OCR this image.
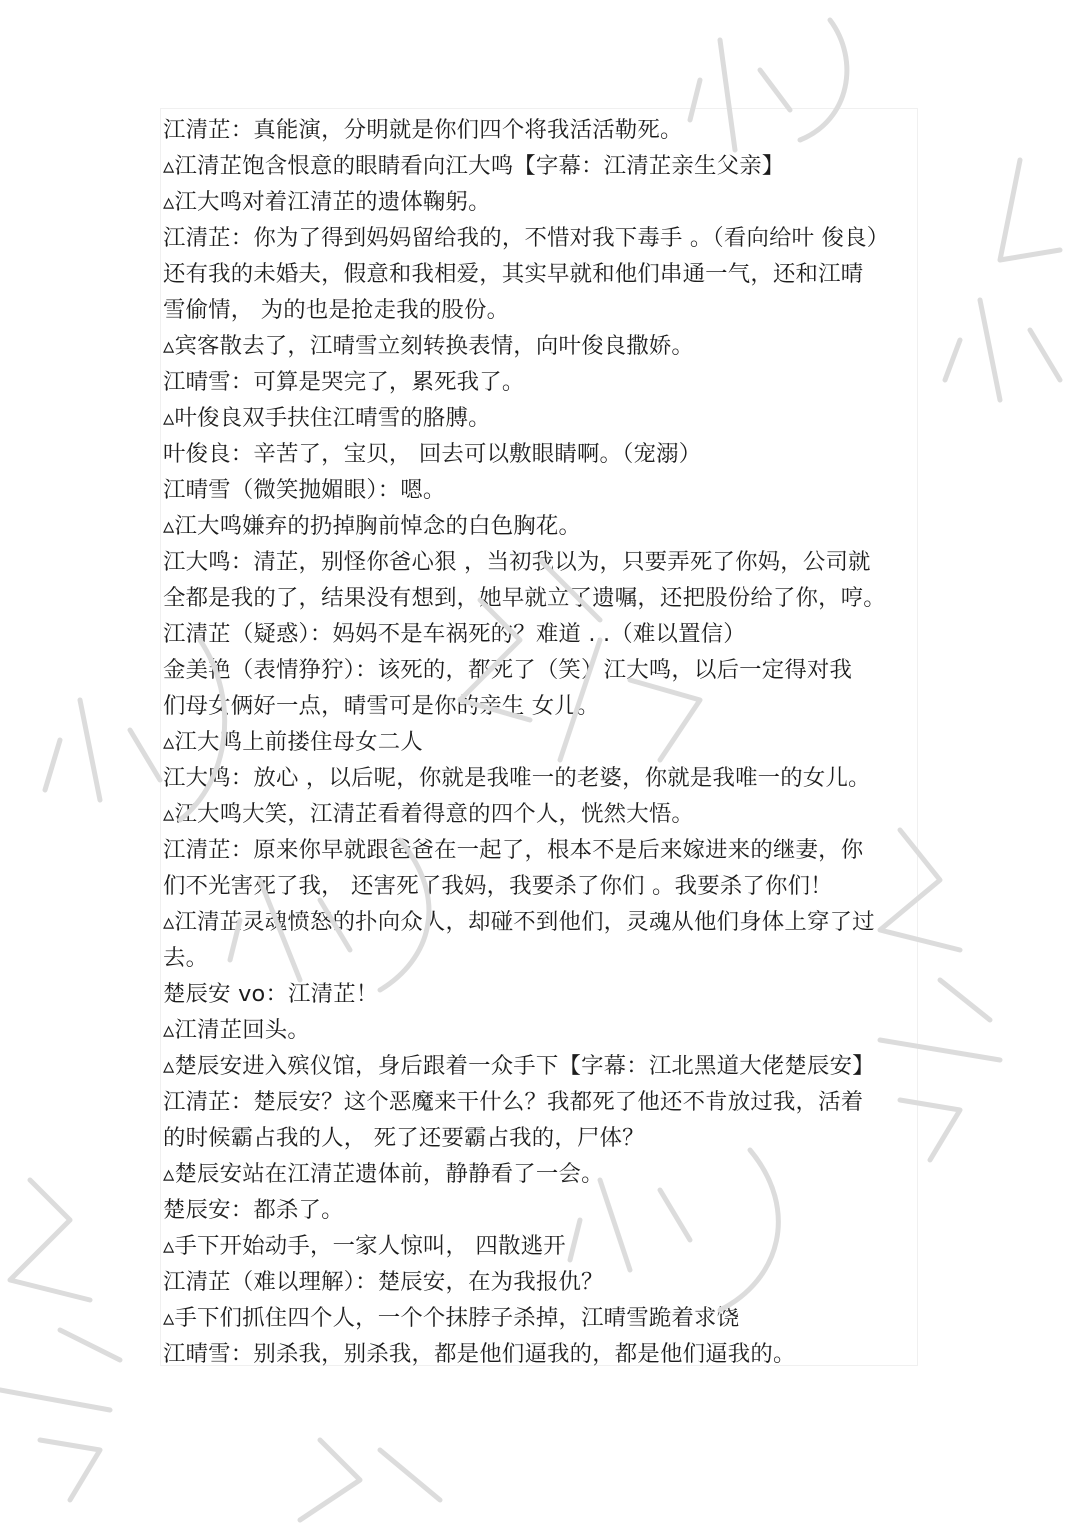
江清芷：真能演，分明就是你们四个将我活活勒死。
▵江清芷饱含恨意的眼睛看向江大鸣【字幕：江清芷亲生父亲】
▵江大鸣对着江清芷的遗体鞠躬。
江清芷：你为了得到妈妈留给我的，不惜对我下毒手 。（看向给叶 俊良）
还有我的未婚夫，假意和我相爱，其实早就和他们串通一气，还和江晴
雪偷情， 为的也是抢走我的股份。
▵宾客散去了，江晴雪立刻转换表情，向叶俊良撒娇。
江晴雪：可算是哭完了，累死我了。
▵叶俊良双手扶住江晴雪的胳膊。
叶俊良：辛苦了，宝贝， 回去可以敷眼睛啊。（宠溺）
江晴雪（微笑抛媚眼）：嗯。
▵江大鸣嫌弃的扔掉胸前悼念的白色胸花。
江大鸣：清芷，别怪你爸心狠 ，当初我以为，只要弄死了你妈，公司就
全都是我的了，结果没有想到，她早就立了遗嘱，还把股份给了你，哼。
江清芷（疑惑）：妈妈不是车祸死的？难道 ...（难以置信）
金美艳（表情狰狞）：该死的，都死了（笑）江大鸣，以后一定得对我
们母女俩好一点，晴雪可是你的亲生 女儿。
▵江大鸣上前搂住母女二人
江大鸣：放心 ，以后呢，你就是我唯一的老婆，你就是我唯一的女儿。
▵江大鸣大笑，江清芷看着得意的四个人，恍然大悟。
江清芷：原来你早就跟爸爸在一起了，根本不是后来嫁进来的继妻，你
们不光害死了我， 还害死了我妈，我要杀了你们 。我要杀了你们！
▵江清芷灵魂愤怒的扑向众人，却碰不到他们，灵魂从他们身体上穿了过
去。
楚辰安 vo：江清芷！
▵江清芷回头。
▵楚辰安进入殡仪馆，身后跟着一众手下【字幕：江北黑道大佬楚辰安】
江清芷：楚辰安？这个恶魔来干什么？我都死了他还不肯放过我，活着
的时候霸占我的人， 死了还要霸占我的，尸体？
▵楚辰安站在江清芷遗体前，静静看了一会。
楚辰安：都杀了。
▵手下开始动手，一家人惊叫， 四散逃开
江清芷（难以理解）：楚辰安，在为我报仇？
▵手下们抓住四个人，一个个抹脖子杀掉，江晴雪跪着求饶
江晴雪：别杀我，别杀我，都是他们逼我的，都是他们逼我的。
